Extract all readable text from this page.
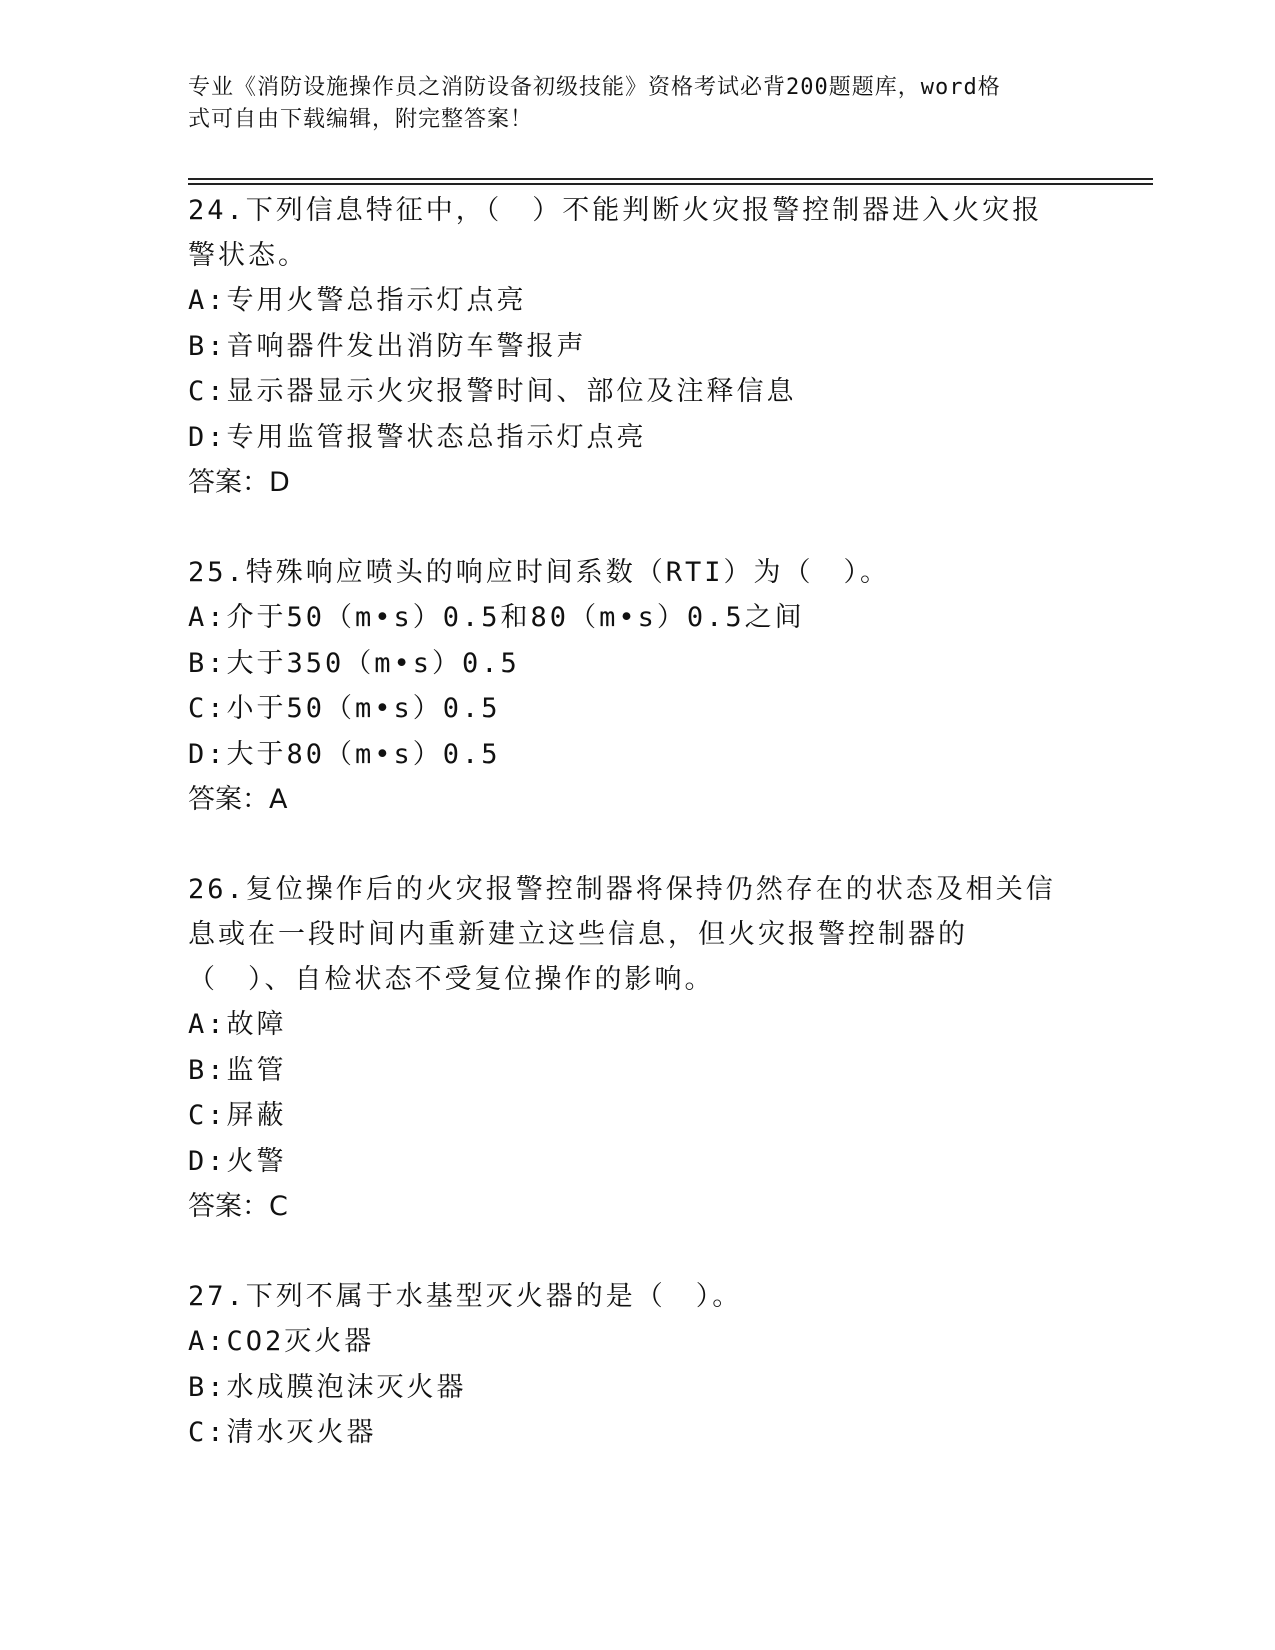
专业《消防设施操作员之消防设备初级技能》资格考试必背200题题库，word格
式可自由下载编辑，附完整答案！

24.下列信息特征中，（　）不能判断火灾报警控制器进入火灾报警状态。

A:专用火警总指示灯点亮

B:音响器件发出消防车警报声

C:显示器显示火灾报警时间、部位及注释信息

D:专用监管报警状态总指示灯点亮

答案：D

25.特殊响应喷头的响应时间系数（RTI）为（　）。

A:介于50（m•s）0.5和80（m•s）0.5之间

B:大于350（m•s）0.5

C:小于50（m•s）0.5

D:大于80（m•s）0.5

答案：A

26.复位操作后的火灾报警控制器将保持仍然存在的状态及相关信息或在一段时间内重新建立这些信息，但火灾报警控制器的（　）、自检状态不受复位操作的影响。

A:故障

B:监管

C:屏蔽

D:火警

答案：C

27.下列不属于水基型灭火器的是（　）。

A:CO2灭火器

B:水成膜泡沫灭火器

C:清水灭火器
